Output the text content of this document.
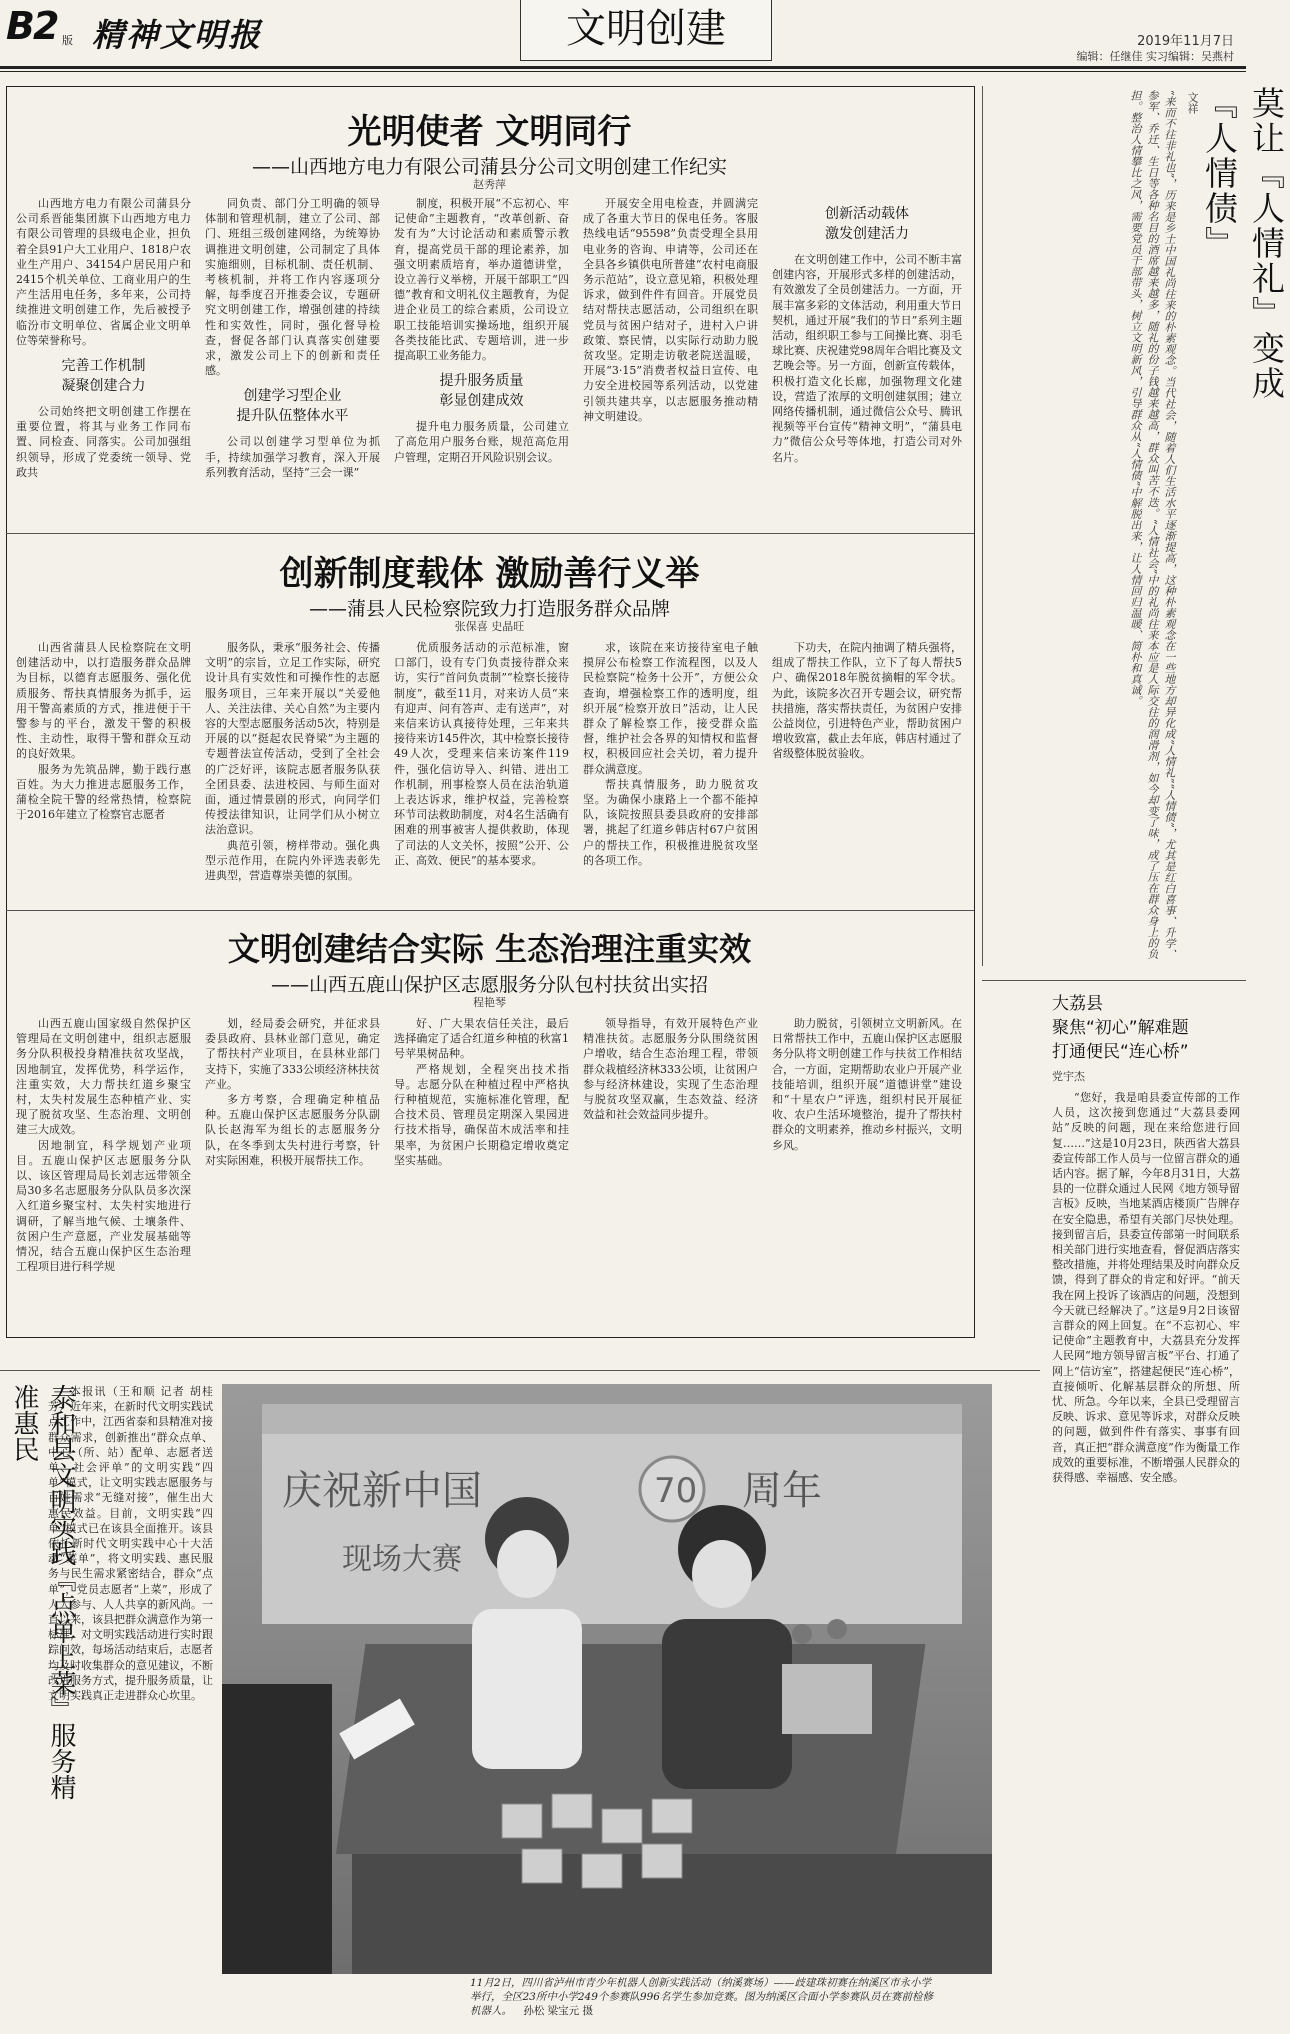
B2 版 精神文明报	文明创建	2019年11月7日
编辑：任继佳 实习编辑：吴燕村
光明使者 文明同行
——山西地方电力有限公司蒲县分公司文明创建工作纪实
赵秀萍

山西地方电力有限公司蒲县分公司系晋能集团旗下山西地方电力有限公司管理的县级电企业，担负着全县91户大工业用户、1818户农业生产用户、34154户居民用户和2415个机关单位、工商业用户的生产生活用电任务，多年来，公司持续推进文明创建工作，先后被授予临汾市文明单位、省属企业文明单位等荣誉称号。

完善工作机制
凝聚创建合力

公司始终把文明创建工作摆在重要位置，将其与业务工作同布置、同检查、同落实。公司加强组织领导，形成了党委统一领导、党政共

同负责、部门分工明确的领导体制和管理机制，建立了公司、部门、班组三级创建网络，为统筹协调推进文明创建，公司制定了具体实施细则，目标机制、责任机制、考核机制，并将工作内容逐项分解，每季度召开推委会议，专题研究文明创建工作，增强创建的持续性和实效性，同时，强化督导检查，督促各部门认真落实创建要求，激发公司上下的创新和责任感。

创建学习型企业
提升队伍整体水平

公司以创建学习型单位为抓手，持续加强学习教育，深入开展系列教育活动，坚持“三会一课”

制度，积极开展“不忘初心、牢记使命”主题教育，“改革创新、奋发有为”大讨论活动和素质警示教育，提高党员干部的理论素养，加强文明素质培育，举办道德讲堂，设立善行义举榜，开展干部职工“四德”教育和文明礼仪主题教育，为促进企业员工的综合素质，公司设立职工技能培训实操场地，组织开展各类技能比武、专题培训，进一步提高职工业务能力。

提升服务质量
彰显创建成效

提升电力服务质量，公司建立了高危用户服务台账，规范高危用户管理，定期召开风险识别会议。

开展安全用电检查，并圆满完成了各重大节日的保电任务。客服热线电话“95598”负责受理全县用电业务的咨询、申请等，公司还在全县各乡镇供电所普建“农村电商服务示范站”，设立意见箱，积极处理诉求，做到件件有回音。开展党员结对帮扶志愿活动，公司组织在职党员与贫困户结对子，进村入户讲政策、察民情，以实际行动助力脱贫攻坚。定期走访敬老院送温暖，开展“3·15”消费者权益日宣传、电力安全进校园等系列活动，以党建引领共建共享，以志愿服务推动精神文明建设。

创新活动载体
激发创建活力

在文明创建工作中，公司不断丰富创建内容，开展形式多样的创建活动，有效激发了全员创建活力。一方面，开展丰富多彩的文体活动，利用重大节日契机，通过开展“我们的节日”系列主题活动，组织职工参与工间操比赛、羽毛球比赛、庆祝建党98周年合唱比赛及文艺晚会等。另一方面，创新宣传载体，积极打造文化长廊，加强物理文化建设，营造了浓厚的文明创建氛围；建立网络传播机制，通过微信公众号、腾讯视频等平台宣传“精神文明”，“蒲县电力”微信公众号等体地，打造公司对外名片。

创新制度载体 激励善行义举
——蒲县人民检察院致力打造服务群众品牌
张保喜 史晶旺

山西省蒲县人民检察院在文明创建活动中，以打造服务群众品牌为目标，以德育志愿服务、强化优质服务、帮扶真情服务为抓手，运用干警高素质的方式，推进便于干警参与的平台，激发干警的积极性、主动性，取得干警和群众互动的良好效果。

服务为先筑品牌，勤于践行惠百姓。为大力推进志愿服务工作，蒲检全院干警的经常热情，检察院于2016年建立了检察官志愿者

服务队，秉承“服务社会、传播文明”的宗旨，立足工作实际，研究设计具有实效性和可操作性的志愿服务项目，三年来开展以“关爱他人、关注法律、关心自然”为主要内容的大型志愿服务活动5次，特别是开展的以“挺起农民脊梁”为主题的专题普法宣传活动，受到了全社会的广泛好评，该院志愿者服务队获全团县委、法进校园、与师生面对面，通过情景剧的形式，向同学们传授法律知识，让同学们从小树立法治意识。

典范引领，榜样带动。强化典型示范作用，在院内外评选表彰先进典型，营造尊崇美德的氛围。

优质服务活动的示范标准，窗口部门，设有专门负责接待群众来访，实行“首问负责制”“检察长接待制度”，截至11月，对来访人员“来有迎声、问有答声、走有送声”，对来信来访认真接待处理，三年来共接待来访145件次，其中检察长接待49人次，受理来信来访案件119件，强化信访导入、纠错、进出工作机制，刑事检察人员在法治轨道上表达诉求，维护权益，完善检察环节司法救助制度，对4名生活确有困难的刑事被害人提供救助，体现了司法的人文关怀，按照“公开、公正、高效、便民”的基本要求。

求，该院在来访接待室电子触摸屏公布检察工作流程图，以及人民检察院“检务十公开”，方便公众查询，增强检察工作的透明度，组织开展“检察开放日”活动，让人民群众了解检察工作，接受群众监督，维护社会各界的知情权和监督权，积极回应社会关切，着力提升群众满意度。

帮扶真情服务，助力脱贫攻坚。为确保小康路上一个都不能掉队，该院按照县委县政府的安排部署，挑起了红道乡韩店村67户贫困户的帮扶工作，积极推进脱贫攻坚的各项工作。

下功夫，在院内抽调了精兵强将，组成了帮扶工作队，立下了每人帮扶5户、确保2018年脱贫摘帽的军令状。为此，该院多次召开专题会议，研究帮扶措施，落实帮扶责任，为贫困户安排公益岗位，引进特色产业，帮助贫困户增收致富，截止去年底，韩店村通过了省级整体脱贫验收。

文明创建结合实际 生态治理注重实效
——山西五鹿山保护区志愿服务分队包村扶贫出实招
程艳琴

山西五鹿山国家级自然保护区管理局在文明创建中，组织志愿服务分队积极投身精准扶贫攻坚战，因地制宜，发挥优势，科学运作，注重实效，大力帮扶红道乡聚宝村，太失村发展生态种植产业、实现了脱贫攻坚、生态治理、文明创建三大成效。

因地制宜，科学规划产业项目。五鹿山保护区志愿服务分队以、该区管理局局长刘志远带领全局30多名志愿服务分队队员多次深入红道乡聚宝村、太失村实地进行调研，了解当地气候、土壤条件、贫困户生产意愿，产业发展基础等情况，结合五鹿山保护区生态治理工程项目进行科学规

划，经局委会研究，并征求县委县政府、县林业部门意见，确定了帮扶村产业项目，在县林业部门支持下，实施了333公顷经济林扶贫产业。

多方考察，合理确定种植品种。五鹿山保护区志愿服务分队副队长赵海军为组长的志愿服务分队，在冬季到太失村进行考察，针对实际困难，积极开展帮扶工作。

好、广大果农信任关注，最后选择确定了适合红道乡种植的秋富1号苹果树品种。

严格规划，全程突出技术指导。志愿分队在种植过程中严格执行种植规范，实施标准化管理，配合技术员、管理员定期深入果园进行技术指导，确保苗木成活率和挂果率，为贫困户长期稳定增收奠定坚实基础。

领导指导，有效开展特色产业精准扶贫。志愿服务分队围绕贫困户增收，结合生态治理工程，带领群众栽植经济林333公顷，让贫困户参与经济林建设，实现了生态治理与脱贫攻坚双赢，生态效益、经济效益和社会效益同步提升。

助力脱贫，引领树立文明新风。在日常帮扶工作中，五鹿山保护区志愿服务分队将文明创建工作与扶贫工作相结合，一方面，定期帮助农业户开展产业技能培训，组织开展“道德讲堂”建设和“十星农户”评选，组织村民开展征收、农户生活环境整治，提升了帮扶村群众的文明素养，推动乡村振兴，文明乡风。

莫让『人情礼』变成『人情债』
文祥
“来而不往非礼也”，历来是乡土中国礼尚往来的朴素观念。当代社会，随着人们生活水平逐渐提高，这种朴素观念在一些地方却异化成“人情礼”“人情债”，尤其是红白喜事、升学、参军、乔迁、生日等各种名目的酒席越来越多，随礼的份子钱越来越高，群众叫苦不迭。“人情社会”中的礼尚往来本应是人际交往的润滑剂，如今却变了味，成了压在群众身上的负担。整治人情攀比之风，需要党员干部带头，树立文明新风，引导群众从“人情债”中解脱出来，让人情回归温暖、简朴和真诚。
大荔县
聚焦“初心”解难题
打通便民“连心桥”
党宇杰

“您好，我是咱县委宣传部的工作人员，这次接到您通过“大荔县委网站”反映的问题，现在来给您进行回复……”这是10月23日，陕西省大荔县委宣传部工作人员与一位留言群众的通话内容。据了解，今年8月31日，大荔县的一位群众通过人民网《地方领导留言板》反映，当地某酒店楼顶广告牌存在安全隐患，希望有关部门尽快处理。接到留言后，县委宣传部第一时间联系相关部门进行实地查看，督促酒店落实整改措施，并将处理结果及时向群众反馈，得到了群众的肯定和好评。“前天我在网上投诉了该酒店的问题，没想到今天就已经解决了。”这是9月2日该留言群众的网上回复。在“不忘初心、牢记使命”主题教育中，大荔县充分发挥人民网“地方领导留言板”平台、打通了网上“信访室”，搭建起便民“连心桥”，直接倾听、化解基层群众的所想、所忧、所急。今年以来，全县已受理留言反映、诉求、意见等诉求，对群众反映的问题，做到件件有落实、事事有回音，真正把“群众满意度”作为衡量工作成效的重要标准，不断增强人民群众的获得感、幸福感、安全感。

泰和县文明实践『点单上菜』服务精准惠民	本报讯（王和顺 记者 胡桂芳）近年来，在新时代文明实践试点工作中，江西省泰和县精准对接群众需求，创新推出“群众点单、中心（所、站）配单、志愿者送单、社会评单”的文明实践“四单”模式，让文明实践志愿服务与百姓需求“无缝对接”，催生出大惠民效益。目前，文明实践“四单”模式已在该县全面推开。该县依托新时代文明实践中心十大活动“菜单”，将文明实践、惠民服务与民生需求紧密结合，群众“点单”，党员志愿者“上菜”，形成了人人参与、人人共享的新风尚。一直以来，该县把群众满意作为第一标准，对文明实践活动进行实时跟踪问效，每场活动结束后，志愿者均及时收集群众的意见建议，不断改进服务方式，提升服务质量，让文明实践真正走进群众心坎里。

庆祝新中国	周年
现场大赛
70
11月2日，四川省泸州市青少年机器人创新实践活动（纳溪赛场）——歧建珠初赛在纳溪区市永小学举行，全区23所中小学249个参赛队996名学生参加竞赛。图为纳溪区合面小学参赛队员在赛前检修机器人。 孙松 梁宝元 摄
